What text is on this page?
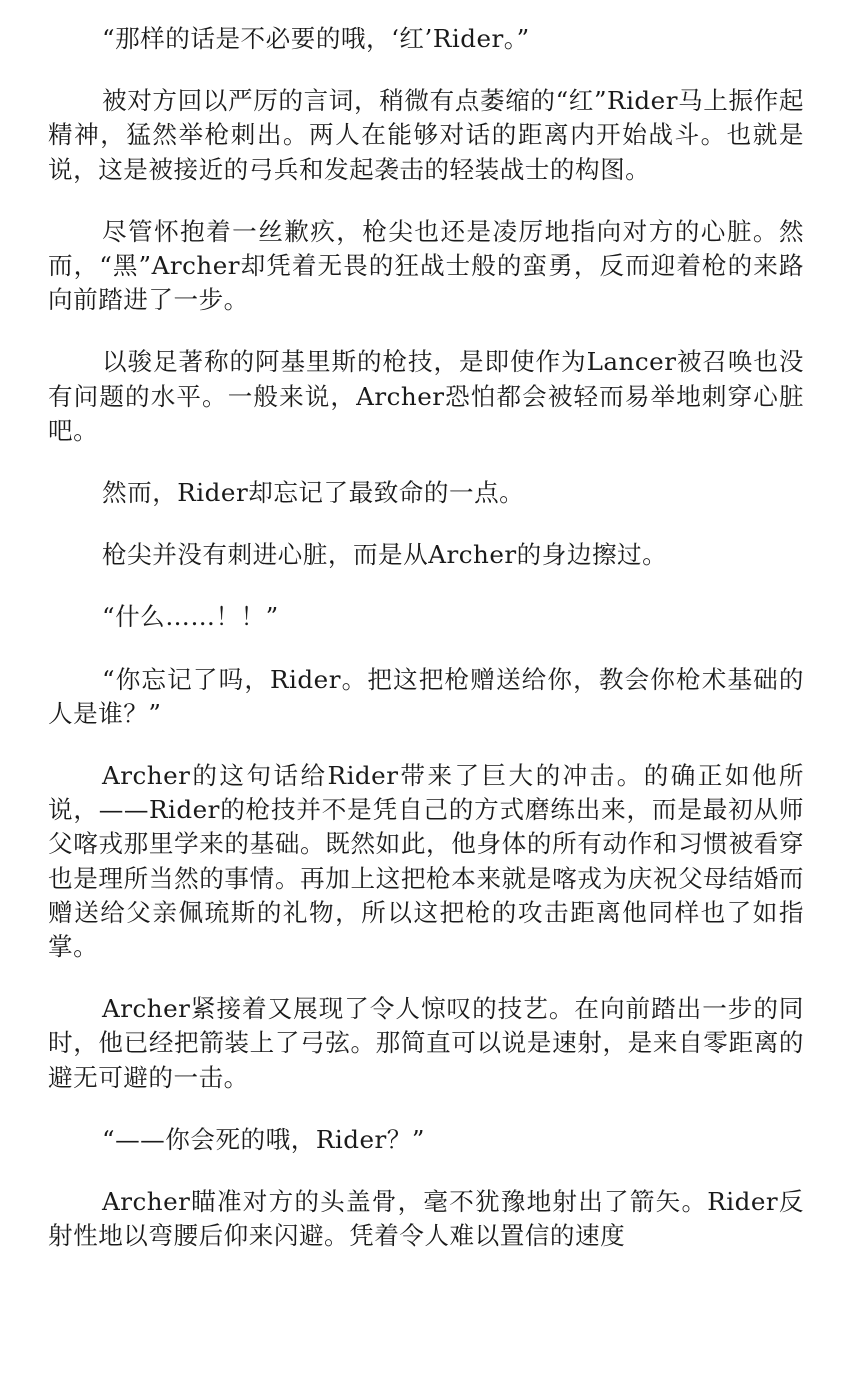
“那样的话是不必要的哦，‘红’Rider。”

被对方回以严厉的言词，稍微有点萎缩的“红”Rider马上振作起精神，猛然举枪刺出。两人在能够对话的距离内开始战斗。也就是说，这是被接近的弓兵和发起袭击的轻装战士的构图。

尽管怀抱着一丝歉疚，枪尖也还是凌厉地指向对方的心脏。然而，“黑”Archer却凭着无畏的狂战士般的蛮勇，反而迎着枪的来路向前踏进了一步。

以骏足著称的阿基里斯的枪技，是即使作为Lancer被召唤也没有问题的水平。一般来说，Archer恐怕都会被轻而易举地刺穿心脏吧。

然而，Rider却忘记了最致命的一点。

枪尖并没有刺进心脏，而是从Archer的身边擦过。

“什么……！！”

“你忘记了吗，Rider。把这把枪赠送给你，教会你枪术基础的人是谁？”

Archer的这句话给Rider带来了巨大的冲击。的确正如他所说，——Rider的枪技并不是凭自己的方式磨练出来，而是最初从师父喀戎那里学来的基础。既然如此，他身体的所有动作和习惯被看穿也是理所当然的事情。再加上这把枪本来就是喀戎为庆祝父母结婚而赠送给父亲佩琉斯的礼物，所以这把枪的攻击距离他同样也了如指掌。

Archer紧接着又展现了令人惊叹的技艺。在向前踏出一步的同时，他已经把箭装上了弓弦。那简直可以说是速射，是来自零距离的避无可避的一击。

“——你会死的哦，Rider？”

Archer瞄准对方的头盖骨，毫不犹豫地射出了箭矢。Rider反射性地以弯腰后仰来闪避。凭着令人难以置信的速度
